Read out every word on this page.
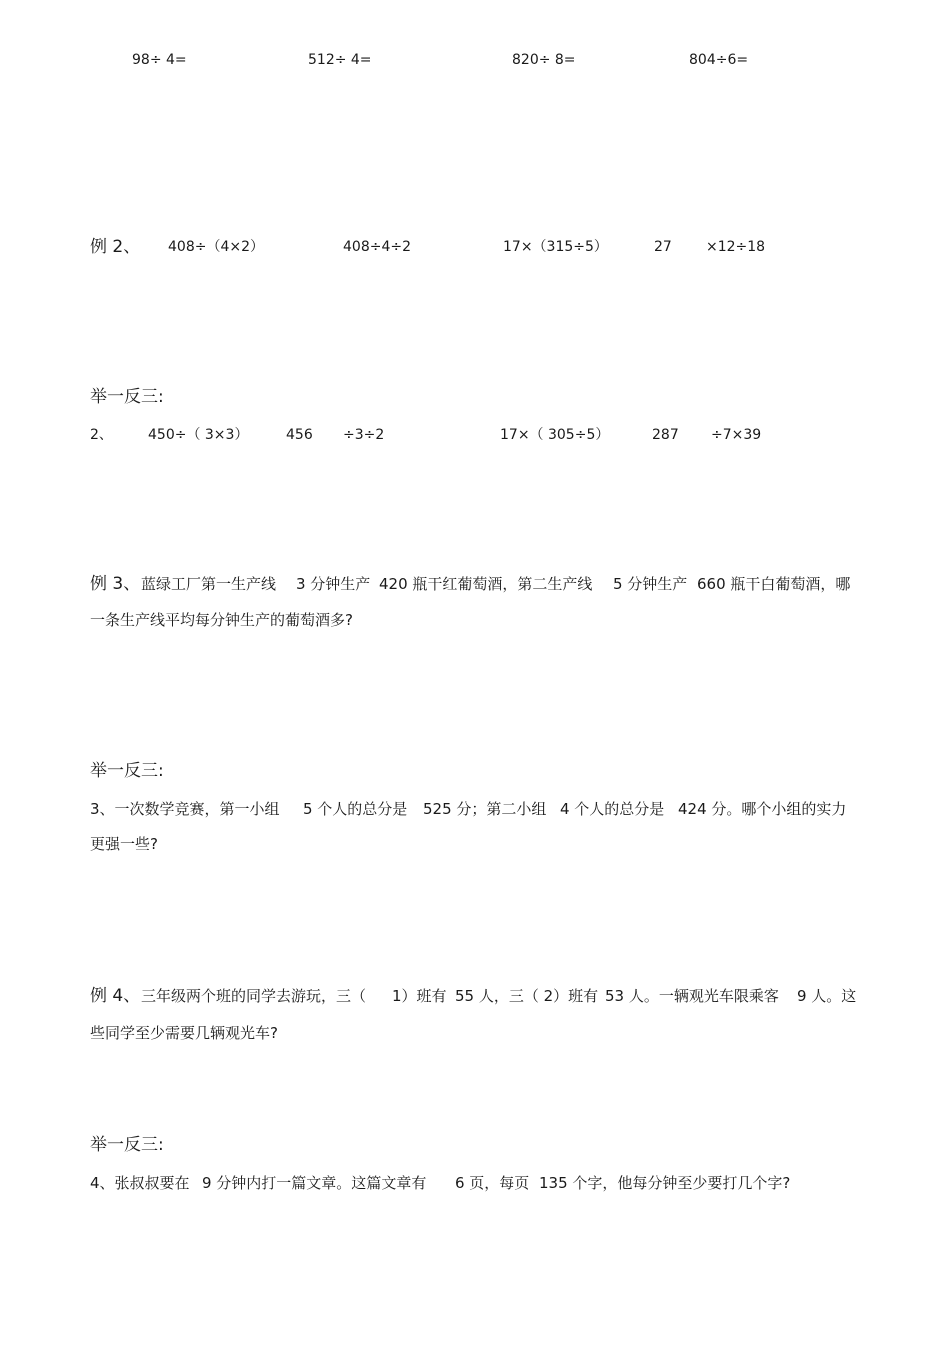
98÷ 4=	512÷ 4=	820÷ 8=	804÷6=
例 2、 408÷（4×2）	408÷4÷2	17×（315÷5）	27 ×12÷18
举一反三:
2、	450÷（ 3×3）	456 ÷3÷2	17×（ 305÷5）	287 ÷7×39
例 3、 蓝绿工厂第一生产线 3 分钟生产 420 瓶干红葡萄酒，第二生产线 5 分钟生产 660 瓶干白葡萄酒，哪
一条生产线平均每分钟生产的葡萄酒多?
举一反三:
3、一次数学竞赛，第一小组 5 个人的总分是 525 分；第二小组 4 个人的总分是 424 分。哪个小组的实力
更强一些?
例 4、 三年级两个班的同学去游玩，三（ 1）班有 55 人，三（ 2）班有 53 人。一辆观光车限乘客 9 人。这
些同学至少需要几辆观光车?
举一反三:
4、张叔叔要在 9 分钟内打一篇文章。这篇文章有 6 页，每页 135 个字，他每分钟至少要打几个字?
